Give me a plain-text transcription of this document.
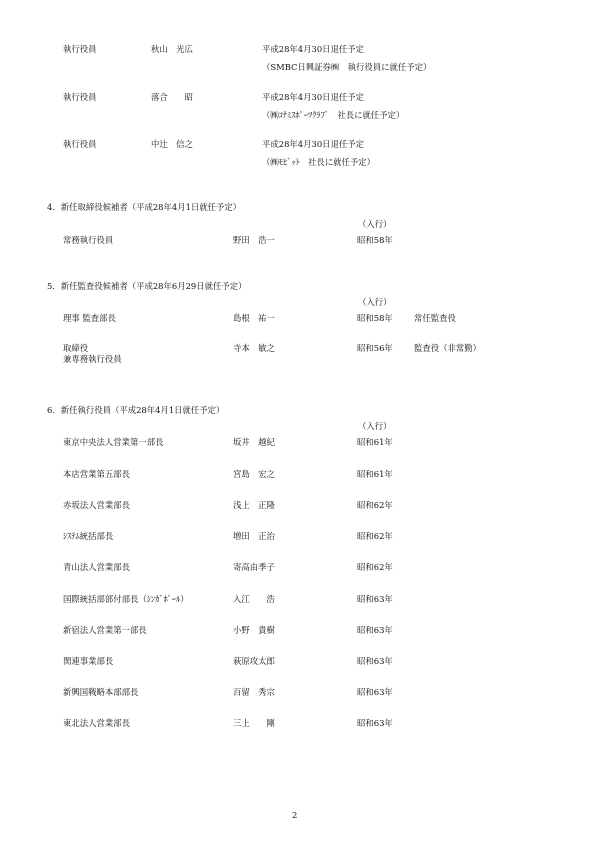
執行役員	秋山　光広	平成28年4月30日退任予定
（SMBC日興証券㈱　執行役員に就任予定）
執行役員	落合　　昭	平成28年4月30日退任予定
（㈱ｺﾅﾐｽﾎﾟｰﾂｸﾗﾌﾞ　社長に就任予定）
執行役員	中辻　信之	平成28年4月30日退任予定
（㈱ﾓﾋﾞｯﾄ　社長に就任予定）
4．新任取締役候補者（平成28年4月1日就任予定）
（入行）
常務執行役員	野田　浩一	昭和58年
5．新任監査役候補者（平成28年6月29日就任予定）
（入行）
理事 監査部長	島根　祐一	昭和58年	常任監査役
取締役
兼専務執行役員
寺本　敏之	昭和56年	監査役（非常勤）
6．新任執行役員（平成28年4月1日就任予定）
（入行）
東京中央法人営業第一部長	坂井　越紀	昭和61年
本店営業第五部長	宮島　宏之	昭和61年
赤坂法人営業部長	浅上　正隆	昭和62年
ｼｽﾃﾑ統括部長	増田　正治	昭和62年
青山法人営業部長	寄高由季子	昭和62年
国際統括部部付部長（ｼﾝｶﾞﾎﾟｰﾙ）	入江　　浩	昭和63年
新宿法人営業第一部長	小野　貴樹	昭和63年
関連事業部長	萩原攻太郎	昭和63年
新興国戦略本部部長	百留　秀宗	昭和63年
東北法人営業部長	三上　　剛	昭和63年
2
